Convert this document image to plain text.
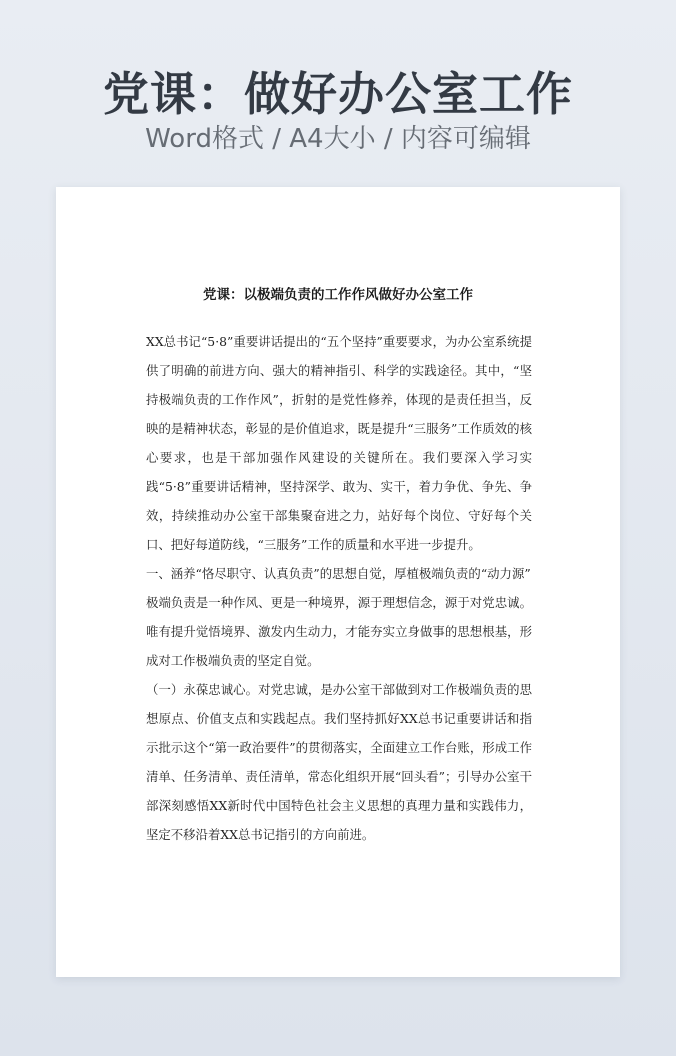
党课：做好办公室工作
Word格式 / A4大小 / 内容可编辑
党课：以极端负责的工作作风做好办公室工作

XX总书记“5·8”重要讲话提出的“五个坚持”重要要求，为办公室系统提供了明确的前进方向、强大的精神指引、科学的实践途径。其中，“坚持极端负责的工作作风”，折射的是党性修养，体现的是责任担当，反映的是精神状态，彰显的是价值追求，既是提升“三服务”工作质效的核心要求，也是干部加强作风建设的关键所在。我们要深入学习实践“5·8”重要讲话精神，坚持深学、敢为、实干，着力争优、争先、争效，持续推动办公室干部集聚奋进之力，站好每个岗位、守好每个关口、把好每道防线，“三服务”工作的质量和水平进一步提升。

一、涵养“恪尽职守、认真负责”的思想自觉，厚植极端负责的“动力源”

极端负责是一种作风、更是一种境界，源于理想信念，源于对党忠诚。唯有提升觉悟境界、激发内生动力，才能夯实立身做事的思想根基，形成对工作极端负责的坚定自觉。

（一）永葆忠诚心。对党忠诚，是办公室干部做到对工作极端负责的思想原点、价值支点和实践起点。我们坚持抓好XX总书记重要讲话和指示批示这个“第一政治要件”的贯彻落实，全面建立工作台账，形成工作清单、任务清单、责任清单，常态化组织开展“回头看”；引导办公室干部深刻感悟XX新时代中国特色社会主义思想的真理力量和实践伟力，坚定不移沿着XX总书记指引的方向前进。
